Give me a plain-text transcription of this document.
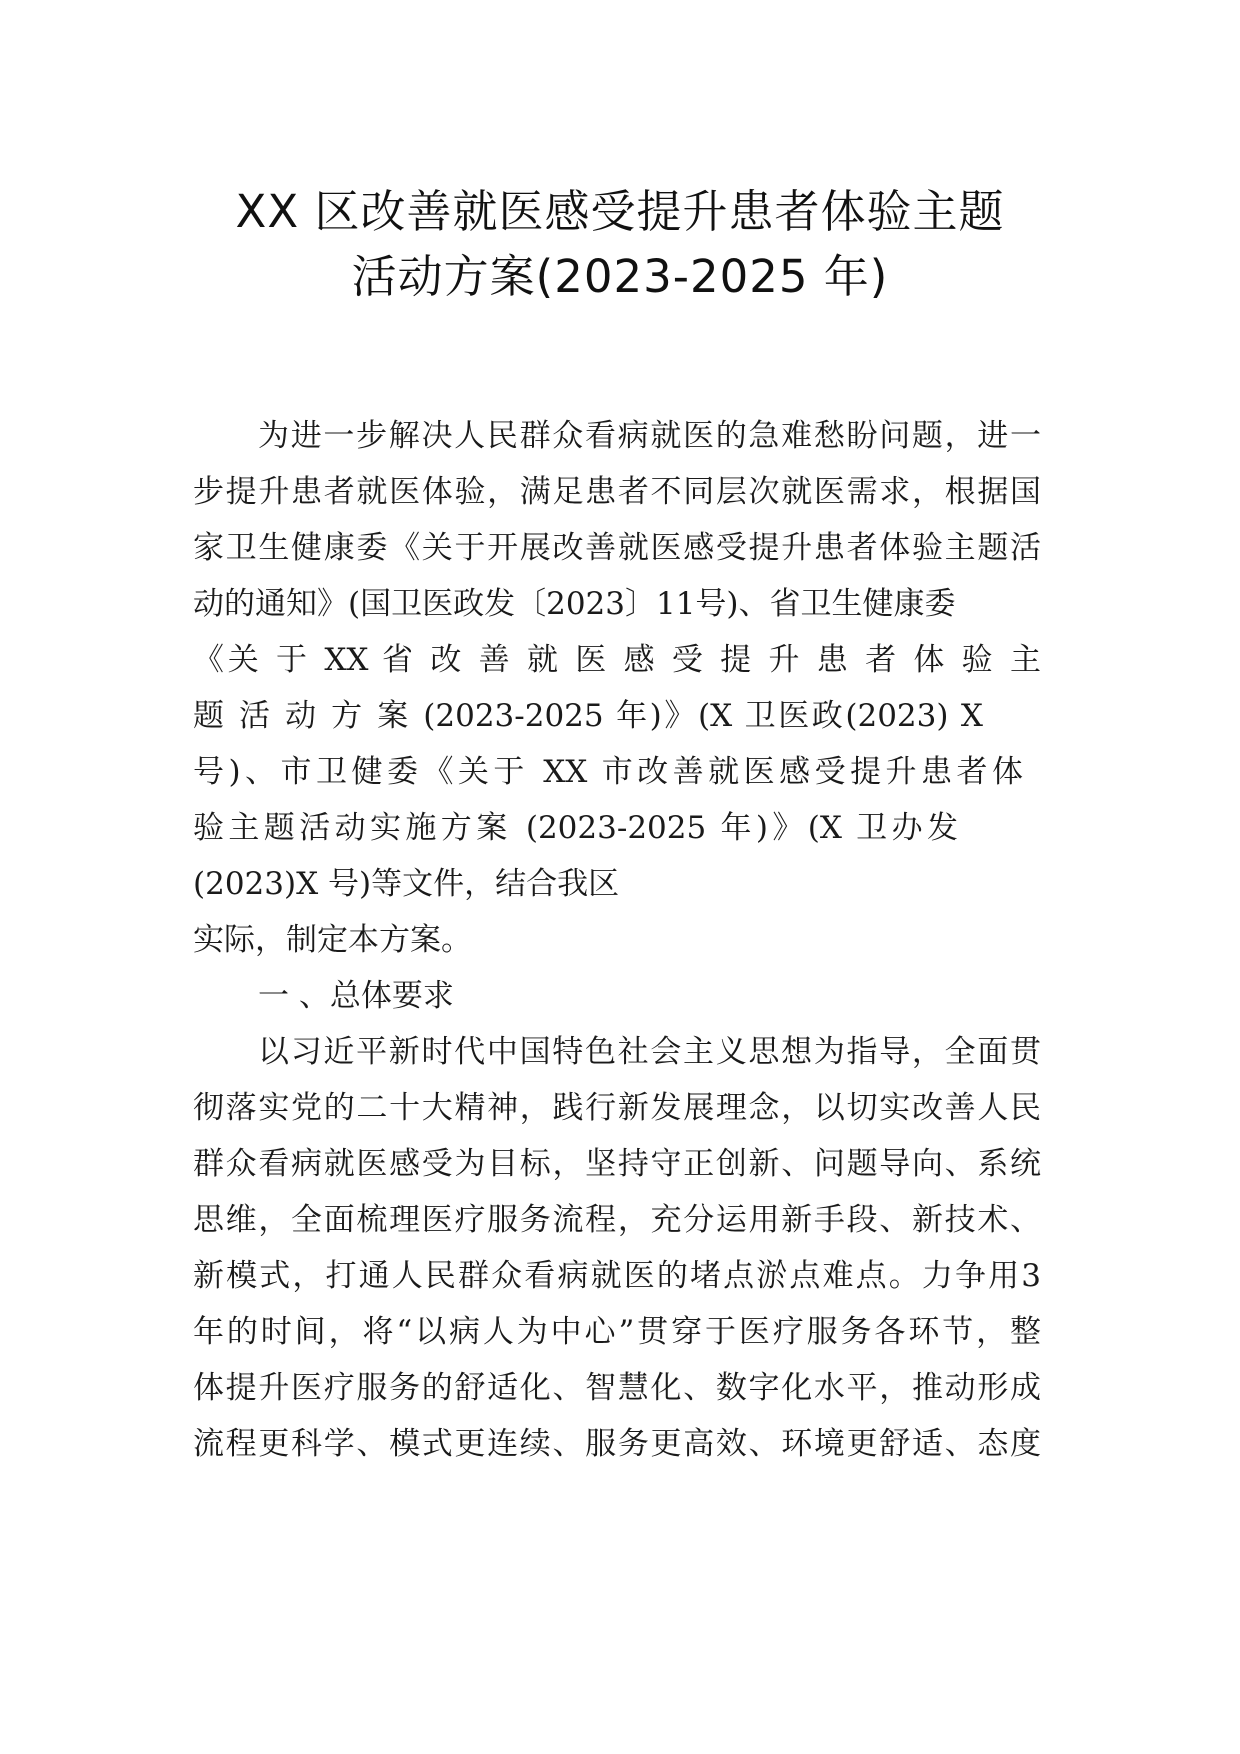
XX 区改善就医感受提升患者体验主题
活动方案(2023-2025 年)
为进一步解决人民群众看病就医的急难愁盼问题，进一
步提升患者就医体验，满足患者不同层次就医需求，根据国
家卫生健康委《关于开展改善就医感受提升患者体验主题活
动的通知》(国卫医政发〔2023〕11号)、省卫生健康委
《关 于 XX 省 改 善 就 医 感 受 提 升 患 者 体 验 主
题 活 动 方 案 (2023-2025 年)》(X 卫医政(2023) X
号)、市卫健委《关于 XX 市改善就医感受提升患者体
验主题活动实施方案 (2023-2025 年)》(X 卫办发
(2023)X 号)等文件，结合我区
实际，制定本方案。
一 、总体要求
以习近平新时代中国特色社会主义思想为指导，全面贯
彻落实党的二十大精神，践行新发展理念，以切实改善人民
群众看病就医感受为目标，坚持守正创新、问题导向、系统
思维，全面梳理医疗服务流程，充分运用新手段、新技术、
新模式，打通人民群众看病就医的堵点淤点难点。力争用3
年的时间，将“以病人为中心”贯穿于医疗服务各环节，整
体提升医疗服务的舒适化、智慧化、数字化水平，推动形成
流程更科学、模式更连续、服务更高效、环境更舒适、态度
